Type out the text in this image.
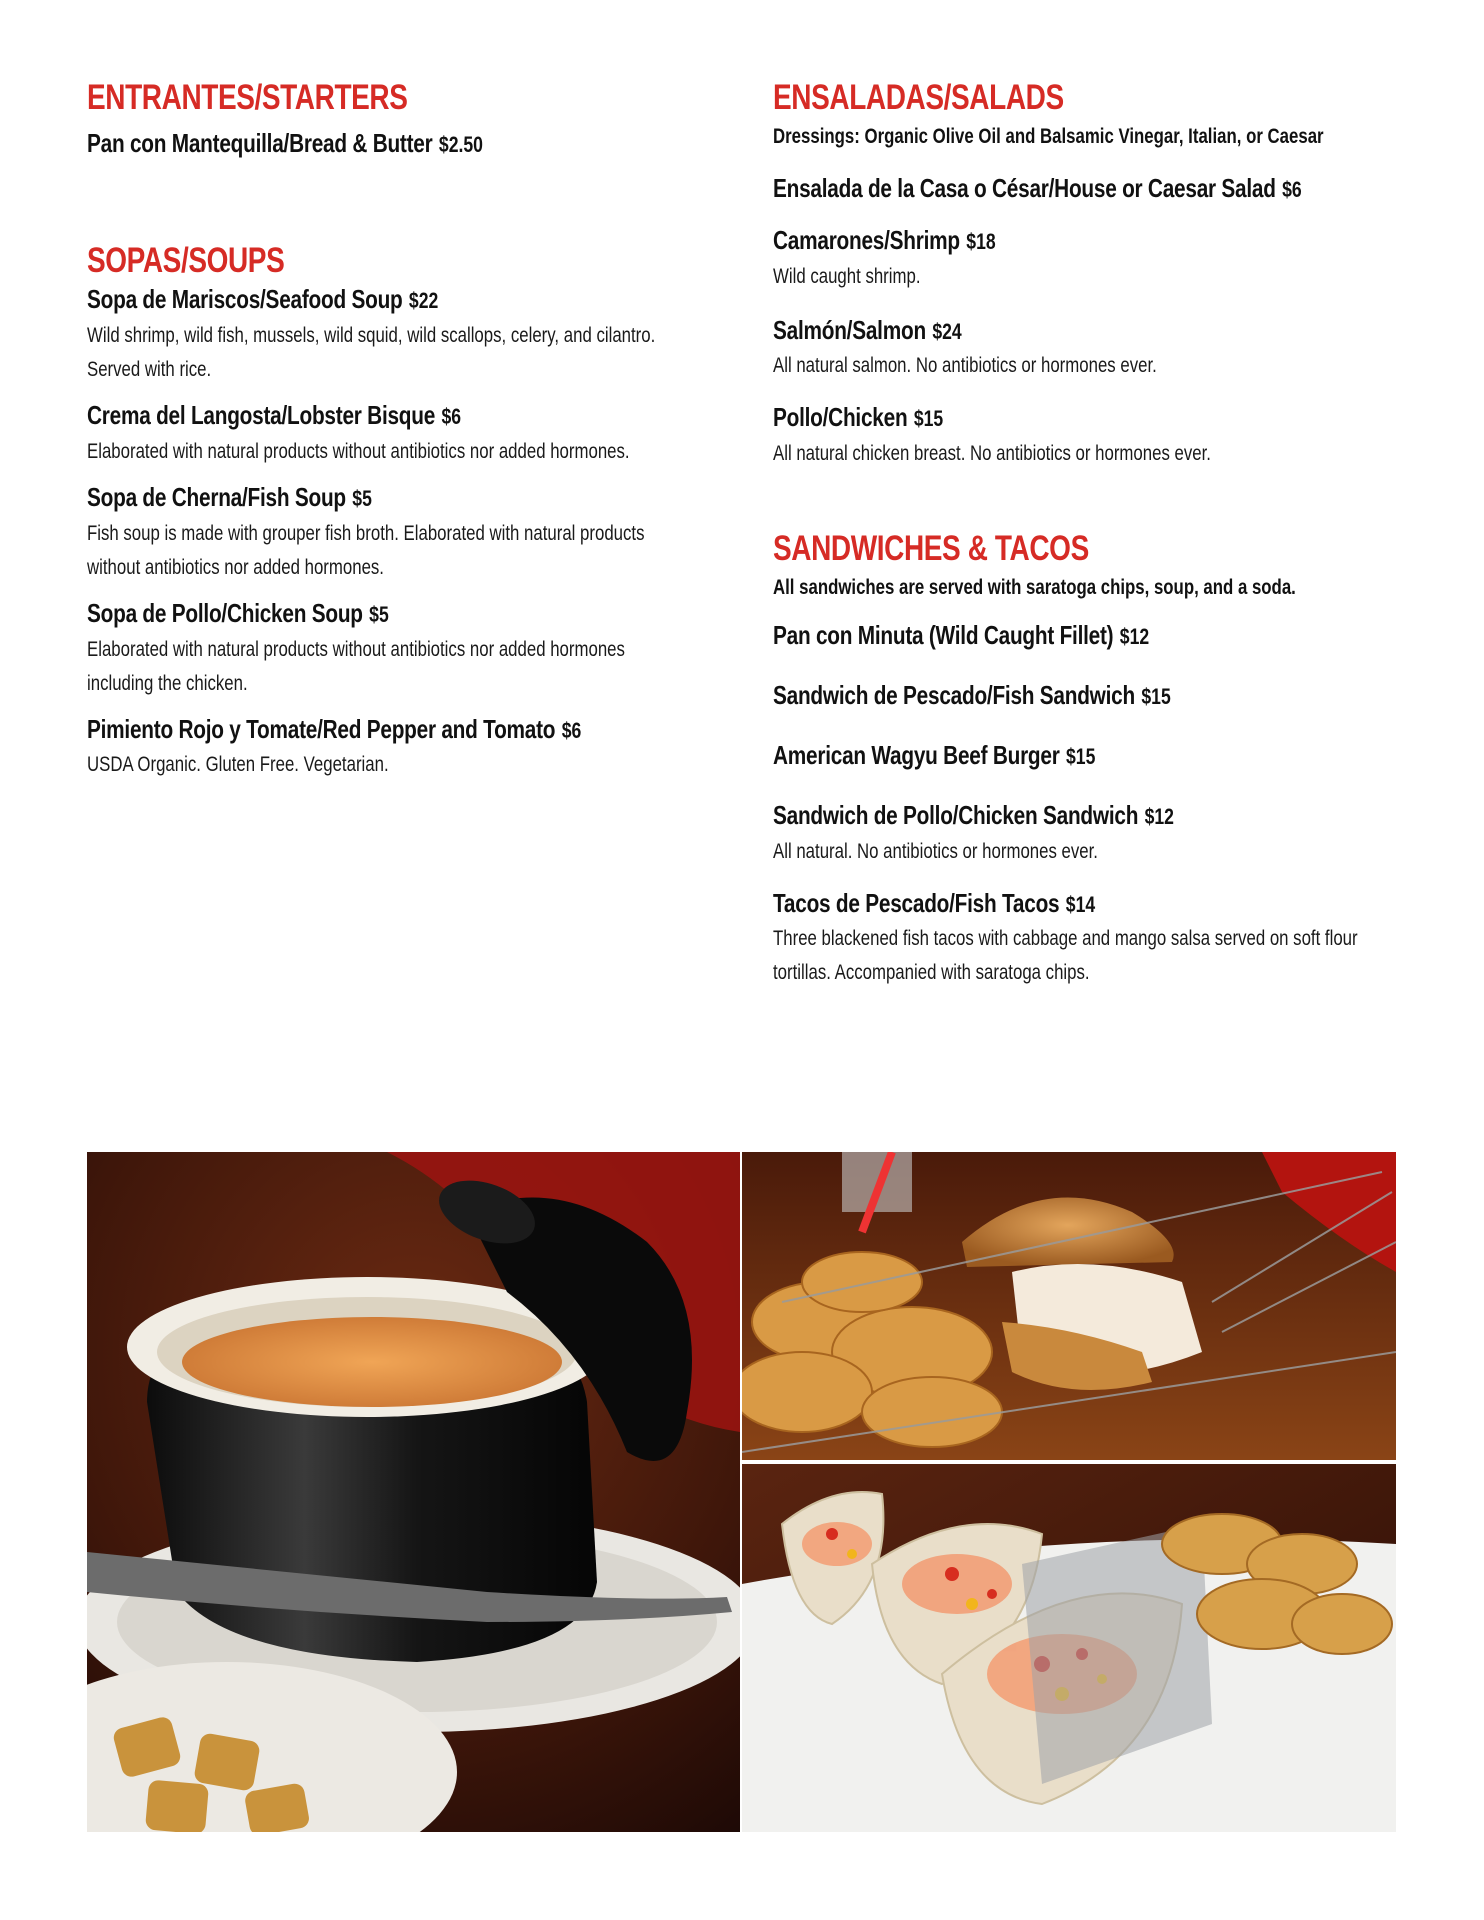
ENTRANTES/STARTERS
Pan con Mantequilla/Bread & Butter $2.50
SOPAS/SOUPS
Sopa de Mariscos/Seafood Soup $22
Wild shrimp, wild fish, mussels, wild squid, wild scallops, celery, and cilantro. Served with rice.
Crema del Langosta/Lobster Bisque $6
Elaborated with natural products without antibiotics nor added hormones.
Sopa de Cherna/Fish Soup $5
Fish soup is made with grouper fish broth. Elaborated with natural products without antibiotics nor added hormones.
Sopa de Pollo/Chicken Soup $5
Elaborated with natural products without antibiotics nor added hormones including the chicken.
Pimiento Rojo y Tomate/Red Pepper and Tomato $6
USDA Organic. Gluten Free. Vegetarian.
ENSALADAS/SALADS
Dressings: Organic Olive Oil and Balsamic Vinegar, Italian, or Caesar
Ensalada de la Casa o César/House or Caesar Salad $6
Camarones/Shrimp $18
Wild caught shrimp.
Salmón/Salmon $24
All natural salmon. No antibiotics or hormones ever.
Pollo/Chicken $15
All natural chicken breast. No antibiotics or hormones ever.
SANDWICHES & TACOS
All sandwiches are served with saratoga chips, soup, and a soda.
Pan con Minuta (Wild Caught Fillet) $12
Sandwich de Pescado/Fish Sandwich $15
American Wagyu Beef Burger $15
Sandwich de Pollo/Chicken Sandwich $12
All natural. No antibiotics or hormones ever.
Tacos de Pescado/Fish Tacos $14
Three blackened fish tacos with cabbage and mango salsa served on soft flour tortillas. Accompanied with saratoga chips.
